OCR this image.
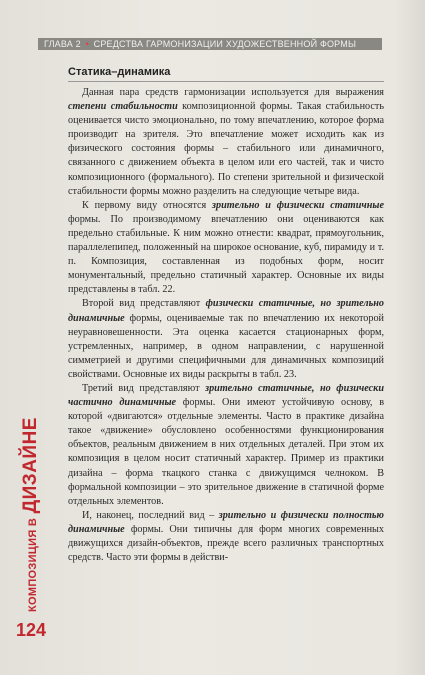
ГЛАВА 2 • СРЕДСТВА ГАРМОНИЗАЦИИ ХУДОЖЕСТВЕННОЙ ФОРМЫ
Статика–динамика

Данная пара средств гармонизации используется для выражения степени стабильности композиционной формы. Такая стабильность оценивается чисто эмоционально, по тому впечатлению, которое форма производит на зрителя. Это впечатление может исходить как из физического состояния формы – стабильного или динамичного, связанного с движением объекта в целом или его частей, так и чисто композиционного (формального). По степени зрительной и физической стабильности формы можно разделить на следующие четыре вида.

К первому виду относятся зрительно и физически статичные формы. По производимому впечатлению они оцениваются как предельно стабильные. К ним можно отнести: квадрат, прямоугольник, параллелепипед, положенный на широкое основание, куб, пирамиду и т. п. Композиция, составленная из подобных форм, носит монументальный, предельно статичный характер. Основные их виды представлены в табл. 22.

Второй вид представляют физически статичные, но зрительно динамичные формы, оцениваемые так по впечатлению их некоторой неуравновешенности. Эта оценка касается стационарных форм, устремленных, например, в одном направлении, с нарушенной симметрией и другими специфичными для динамичных композиций свойствами. Основные их виды раскрыты в табл. 23.

Третий вид представляют зрительно статичные, но физически частично динамичные формы. Они имеют устойчивую основу, в которой «двигаются» отдельные элементы. Часто в практике дизайна такое «движение» обусловлено особенностями функционирования объектов, реальным движением в них отдельных деталей. При этом их композиция в целом носит статичный характер. Пример из практики дизайна – форма ткацкого станка с движущимся челноком. В формальной композиции – это зрительное движение в статичной форме отдельных элементов.

И, наконец, последний вид – зрительно и физически полностью динамичные формы. Они типичны для форм многих современных движущихся дизайн-объектов, прежде всего различных транспортных средств. Часто эти формы в действи-

КОМПОЗИЦИЯ В ДИЗАЙНЕ
124
